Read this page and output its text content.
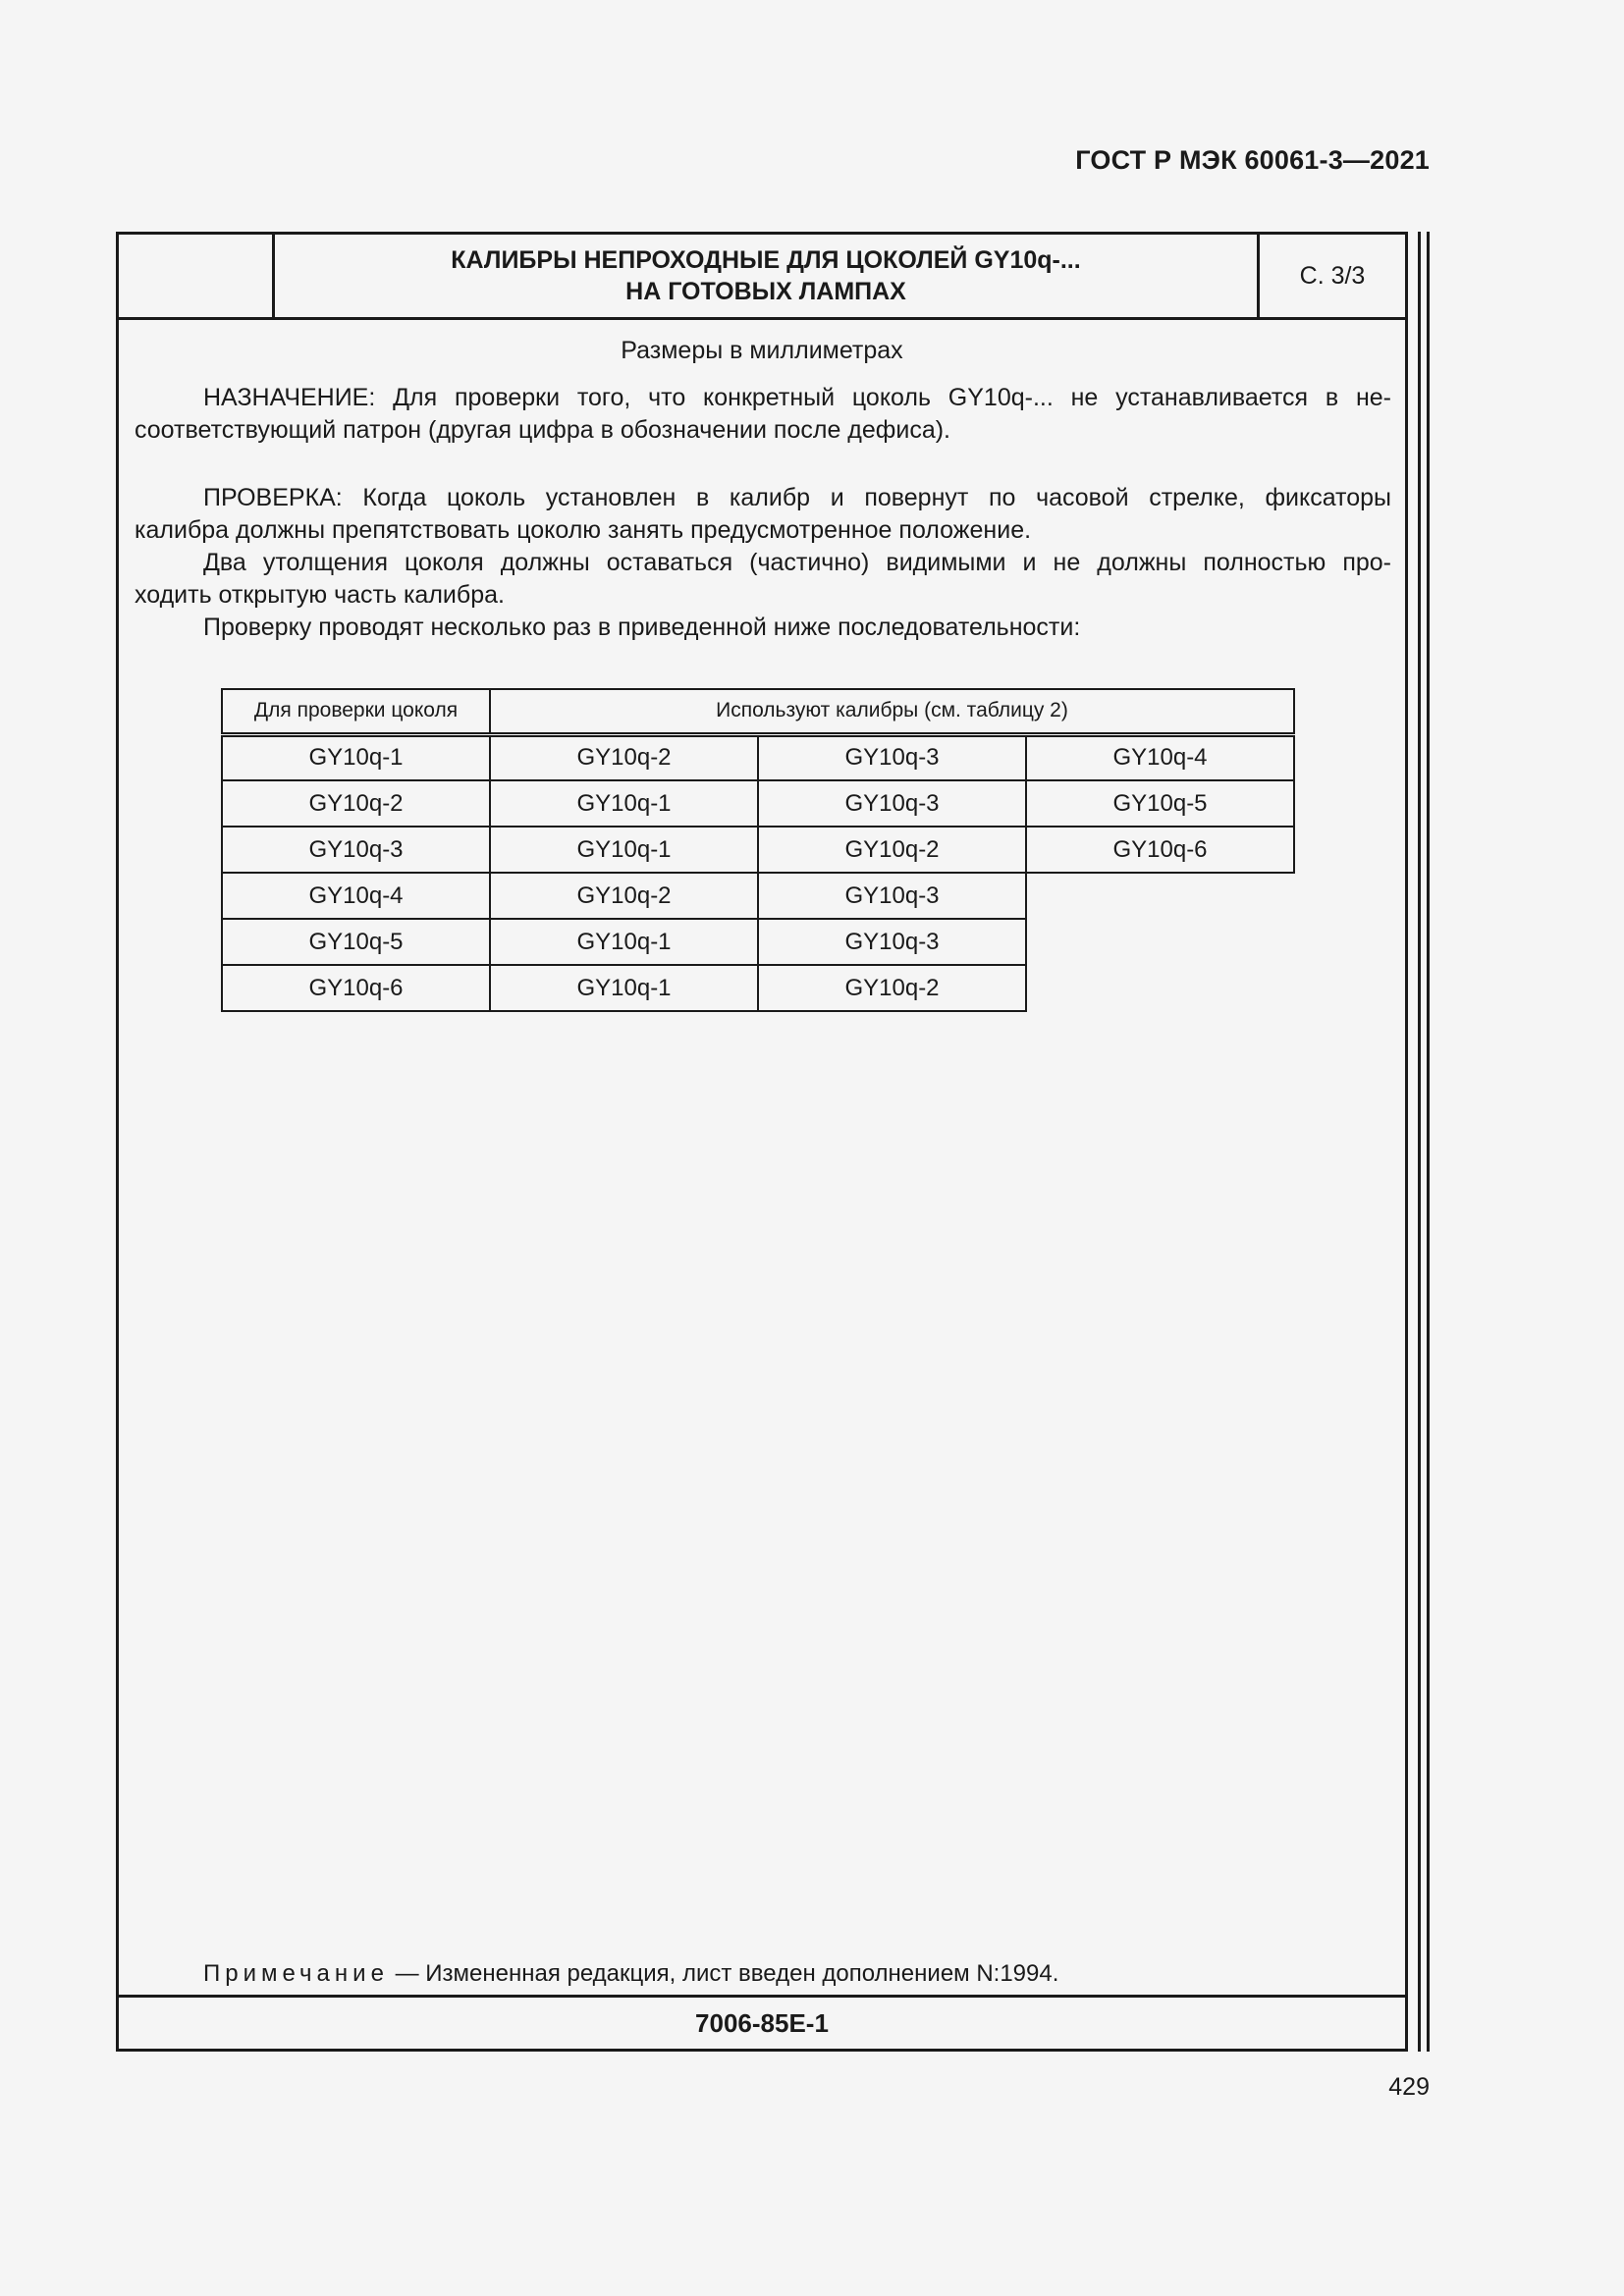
ГОСТ Р МЭК 60061-3—2021
КАЛИБРЫ НЕПРОХОДНЫЕ ДЛЯ ЦОКОЛЕЙ GY10q-...
НА ГОТОВЫХ ЛАМПАХ
С. 3/3
Размеры в миллиметрах
НАЗНАЧЕНИЕ: Для проверки того, что конкретный цоколь GY10q-... не устанавливается в не-
соответствующий патрон (другая цифра в обозначении после дефиса).
ПРОВЕРКА: Когда цоколь установлен в калибр и повернут по часовой стрелке, фиксаторы
калибра должны препятствовать цоколю занять предусмотренное положение.
Два утолщения цоколя должны оставаться (частично) видимыми и не должны полностью про-
ходить открытую часть калибра.
Проверку проводят несколько раз в приведенной ниже последовательности:
Для проверки цоколя	Используют калибры (см. таблицу 2)		
GY10q-1	GY10q-2	GY10q-3	GY10q-4
GY10q-2	GY10q-1	GY10q-3	GY10q-5
GY10q-3	GY10q-1	GY10q-2	GY10q-6
GY10q-4	GY10q-2	GY10q-3	
GY10q-5	GY10q-1	GY10q-3	
GY10q-6	GY10q-1	GY10q-2	
Примечание — Измененная редакция, лист введен дополнением N:1994.
7006-85E-1
429
